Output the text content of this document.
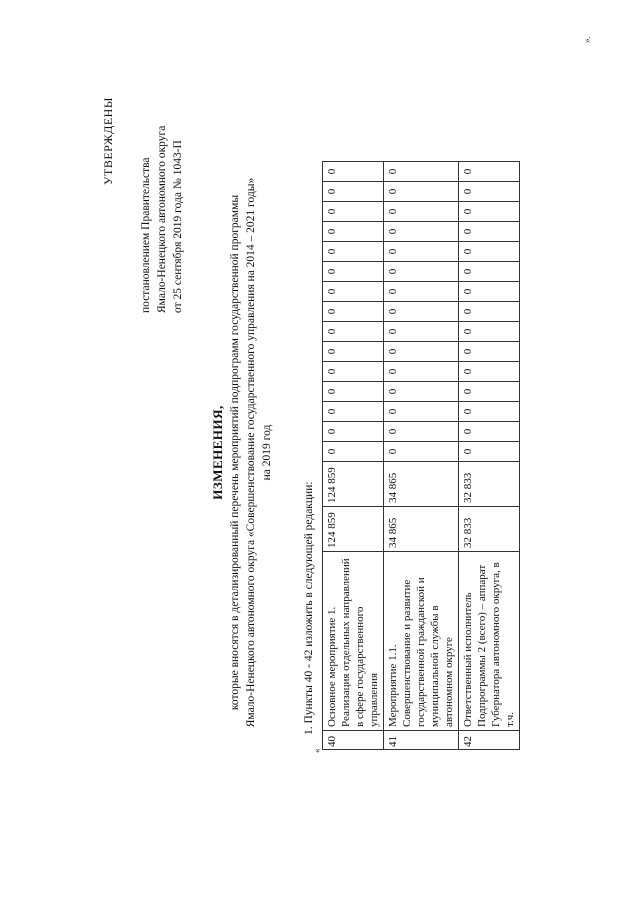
УТВЕРЖДЕНЫ
постановлением Правительства Ямало-Ненецкого автономного округа от 25 сентября 2019 года № 1043-П
ИЗМЕНЕНИЯ, которые вносятся в детализированный перечень мероприятий подпрограмм государственной программы Ямало-Ненецкого автономного округа «Совершенствование государственного управления на 2014 – 2021 годы» на 2019 год
1. Пункты 40 - 42 изложить в следующей редакции:
«
40	Основное мероприятие 1. Реализация отдельных направлений в сфере государственного управления	124 859	124 859	0	0	0	0	0	0	0	0	0	0	0	0	0	0	0
41	Мероприятие 1.1. Совершенствование и развитие государственной гражданской и муниципальной службы в автономном округе	34 865	34 865	0	0	0	0	0	0	0	0	0	0	0	0	0	0	0
42	Ответственный исполнитель Подпрограммы 2 (всего) – аппарат Губернатора автономного округа, в т.ч.	32 833	32 833	0	0	0	0	0	0	0	0	0	0	0	0	0	0	0
».
